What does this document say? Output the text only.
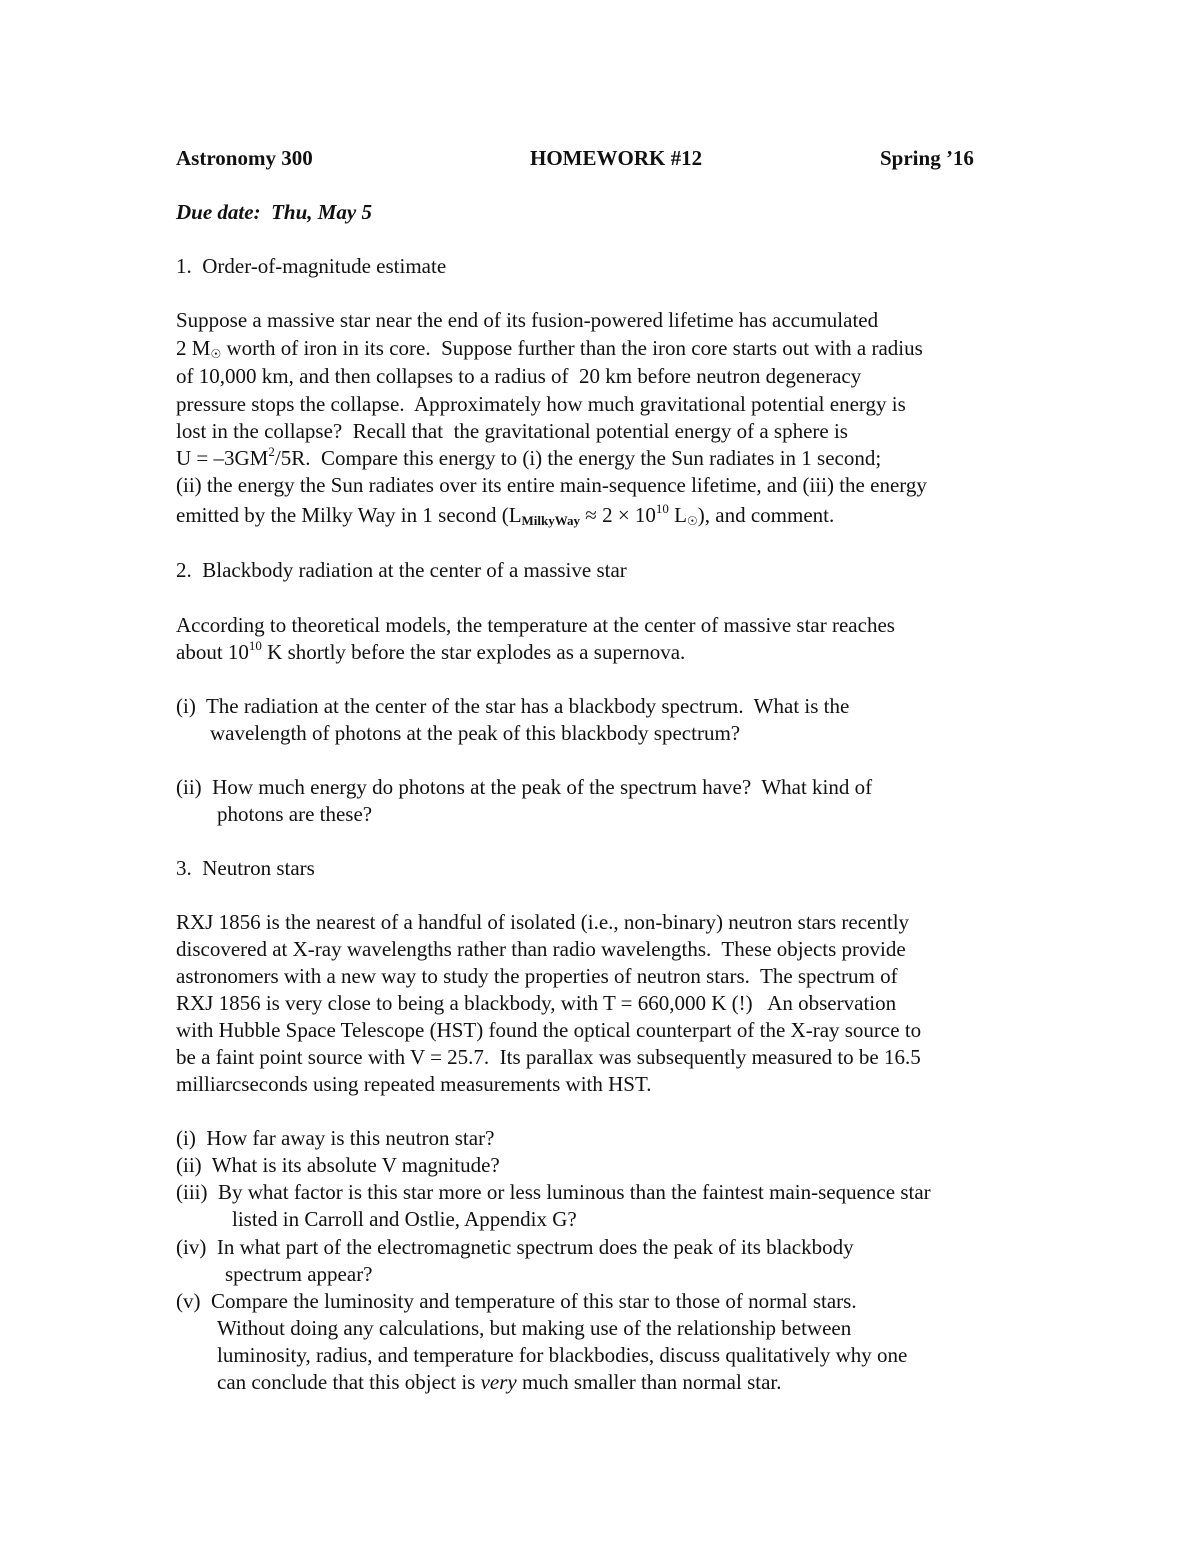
Astronomy 300	HOMEWORK #12	Spring ’16
Due date: Thu, May 5
1.  Order-of-magnitude estimate
Suppose a massive star near the end of its fusion-powered lifetime has accumulated
2 M☉ worth of iron in its core.  Suppose further than the iron core starts out with a radius
of 10,000 km, and then collapses to a radius of  20 km before neutron degeneracy
pressure stops the collapse.  Approximately how much gravitational potential energy is
lost in the collapse?  Recall that  the gravitational potential energy of a sphere is
$U = -3GM^2/5R$.  Compare this energy to (i) the energy the Sun radiates in 1 second;
(ii) the energy the Sun radiates over its entire main-sequence lifetime, and (iii) the energy
emitted by the Milky Way in 1 second ($L_{MilkyWay} \approx 2 \times 10^{10}$ L☉), and comment.
2.  Blackbody radiation at the center of a massive star
According to theoretical models, the temperature at the center of massive star reaches
about $10^{10}$ K shortly before the star explodes as a supernova.
(i)  The radiation at the center of the star has a blackbody spectrum.  What is the
wavelength of photons at the peak of this blackbody spectrum?
(ii)  How much energy do photons at the peak of the spectrum have?  What kind of
photons are these?
3.  Neutron stars
RXJ 1856 is the nearest of a handful of isolated (i.e., non-binary) neutron stars recently
discovered at X-ray wavelengths rather than radio wavelengths.  These objects provide
astronomers with a new way to study the properties of neutron stars.  The spectrum of
RXJ 1856 is very close to being a blackbody, with T = 660,000 K (!)   An observation
with Hubble Space Telescope (HST) found the optical counterpart of the X-ray source to
be a faint point source with V = 25.7.  Its parallax was subsequently measured to be 16.5
milliarcseconds using repeated measurements with HST.
(i)  How far away is this neutron star?
(ii)  What is its absolute V magnitude?
(iii)  By what factor is this star more or less luminous than the faintest main-sequence star
listed in Carroll and Ostlie, Appendix G?
(iv)  In what part of the electromagnetic spectrum does the peak of its blackbody
spectrum appear?
(v)  Compare the luminosity and temperature of this star to those of normal stars.
Without doing any calculations, but making use of the relationship between
luminosity, radius, and temperature for blackbodies, discuss qualitatively why one
can conclude that this object is very much smaller than normal star.
